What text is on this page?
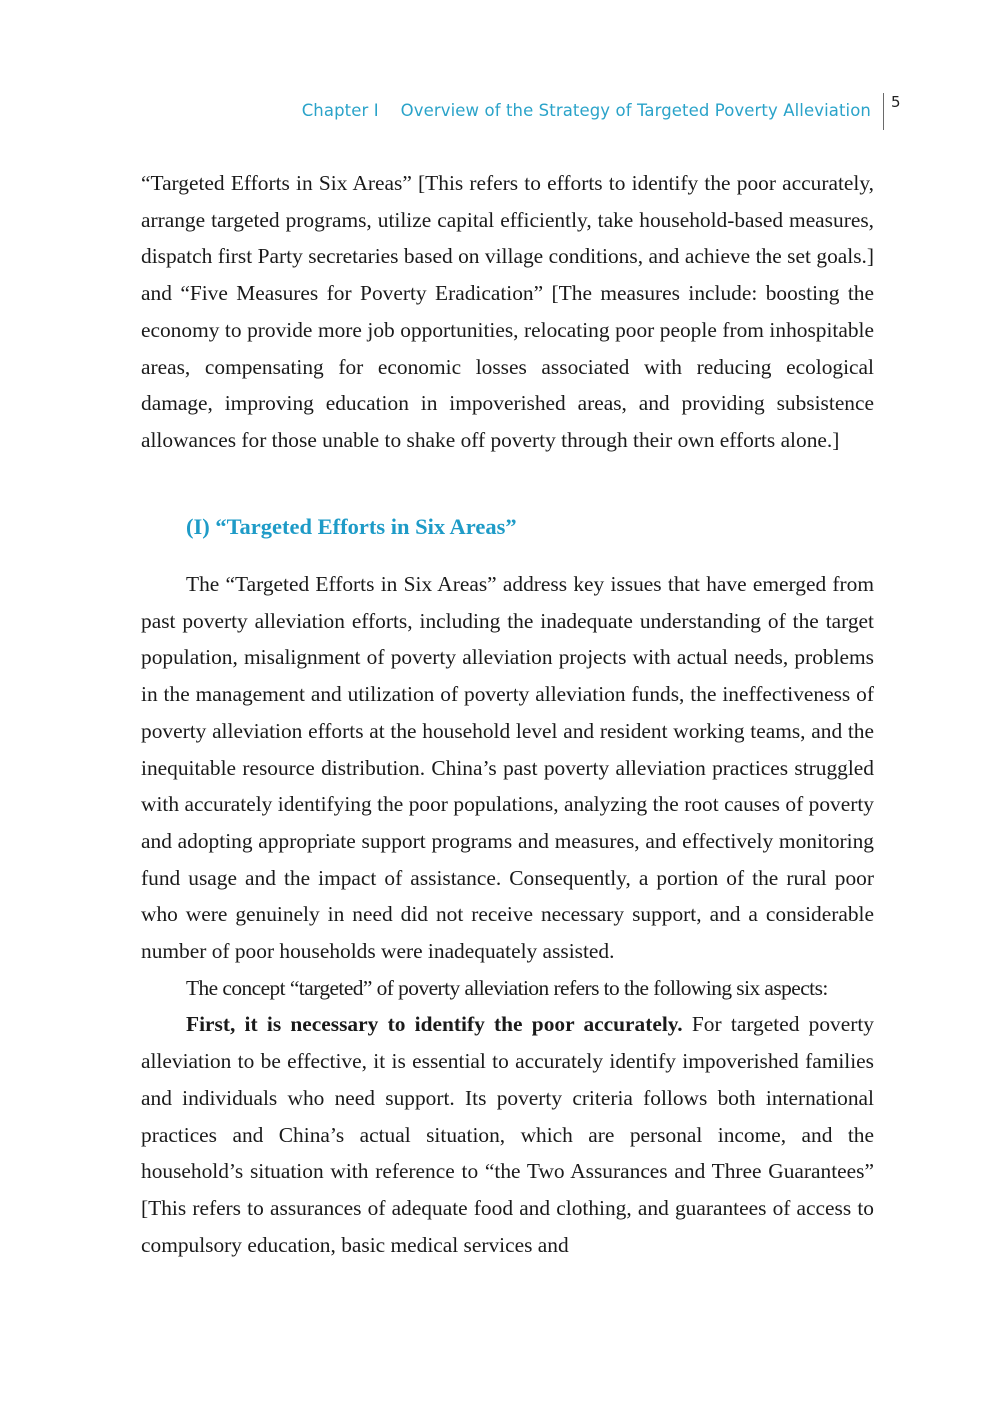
Chapter I Overview of the Strategy of Targeted Poverty Alleviation 5

“Targeted Efforts in Six Areas” [This refers to efforts to identify the poor accurately, arrange targeted programs, utilize capital efficiently, take household-based measures, dispatch first Party secretaries based on village conditions, and achieve the set goals.] and “Five Measures for Poverty Eradication” [The measures include: boosting the economy to provide more job opportunities, relocating poor people from inhospitable areas, compensating for economic losses associated with reducing ecological damage, improving education in impoverished areas, and providing subsistence allowances for those unable to shake off poverty through their own efforts alone.]

(I) “Targeted Efforts in Six Areas”

The “Targeted Efforts in Six Areas” address key issues that have emerged from past poverty alleviation efforts, including the inadequate understanding of the target population, misalignment of poverty alleviation projects with actual needs, problems in the management and utilization of poverty alleviation funds, the ineffectiveness of poverty alleviation efforts at the household level and resident working teams, and the inequitable resource distribution. China’s past poverty alleviation practices struggled with accurately identifying the poor populations, analyzing the root causes of poverty and adopting appropriate support programs and measures, and effectively monitoring fund usage and the impact of assistance. Consequently, a portion of the rural poor who were genuinely in need did not receive necessary support, and a considerable number of poor households were inadequately assisted.

The concept “targeted” of poverty alleviation refers to the following six aspects:

First, it is necessary to identify the poor accurately. For targeted poverty alleviation to be effective, it is essential to accurately identify impoverished families and individuals who need support. Its poverty criteria follows both international practices and China’s actual situation, which are personal income, and the household’s situation with reference to “the Two Assurances and Three Guarantees” [This refers to assurances of adequate food and clothing, and guarantees of access to compulsory education, basic medical services and
